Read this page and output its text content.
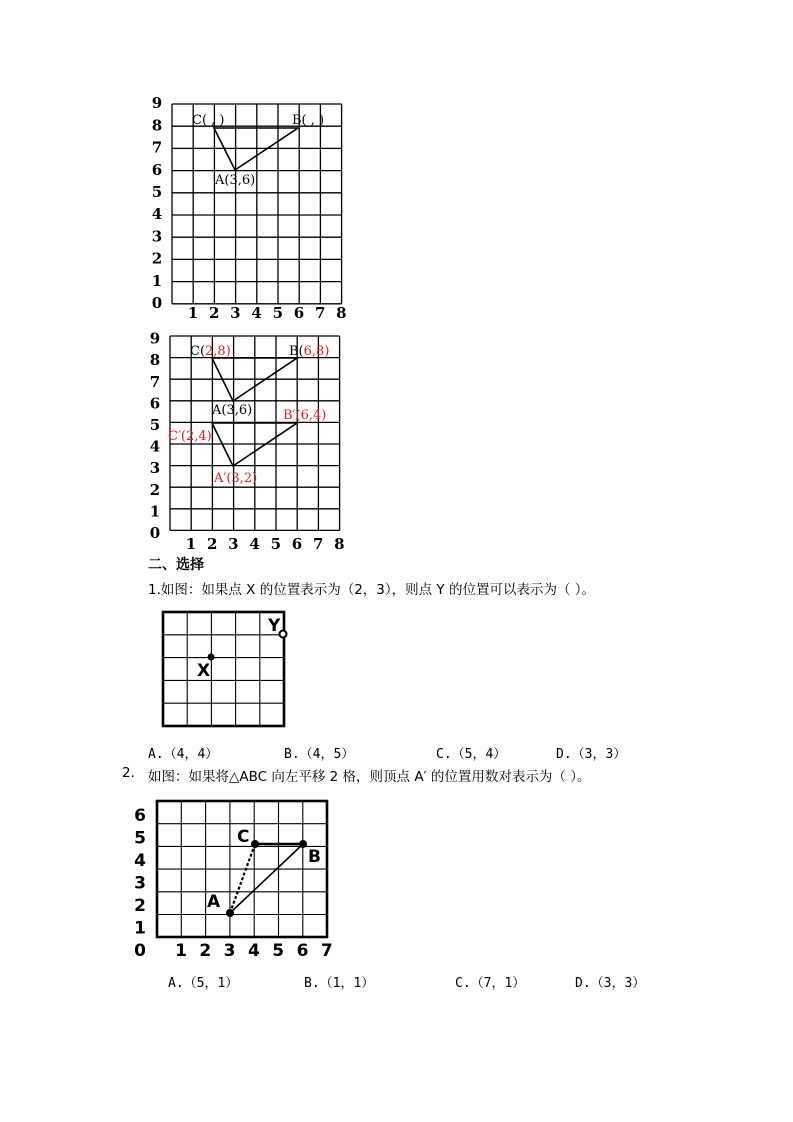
0
1
2
3
4
5
6
7
8
9
1 2 3 4 5 6 7 8
C( , )	B( , )
A(3,6)
0
1
2
3
4
5
6
7
8
9
1 2 3 4 5 6 7 8
C(2,8)	B(6,8)
A(3,6) B′(6,4)
C′(2,4)
A′(3,2)
二、选择
X
Y
0
1
2
3
4
5
6
1 2 3 4 5 6 7
A
C
B
1.如图：如果点 X 的位置表示为（2，3），则点 Y 的位置可以表示为（ ）。
A.（4，4）	B.（4，5）	C.（5，4）	D.（3，3）
2. 如图：如果将△ABC 向左平移 2 格，则顶点 A′ 的位置用数对表示为（ ）。
A.（5，1）	B.（1，1）	C.（7，1）	D.（3，3）
